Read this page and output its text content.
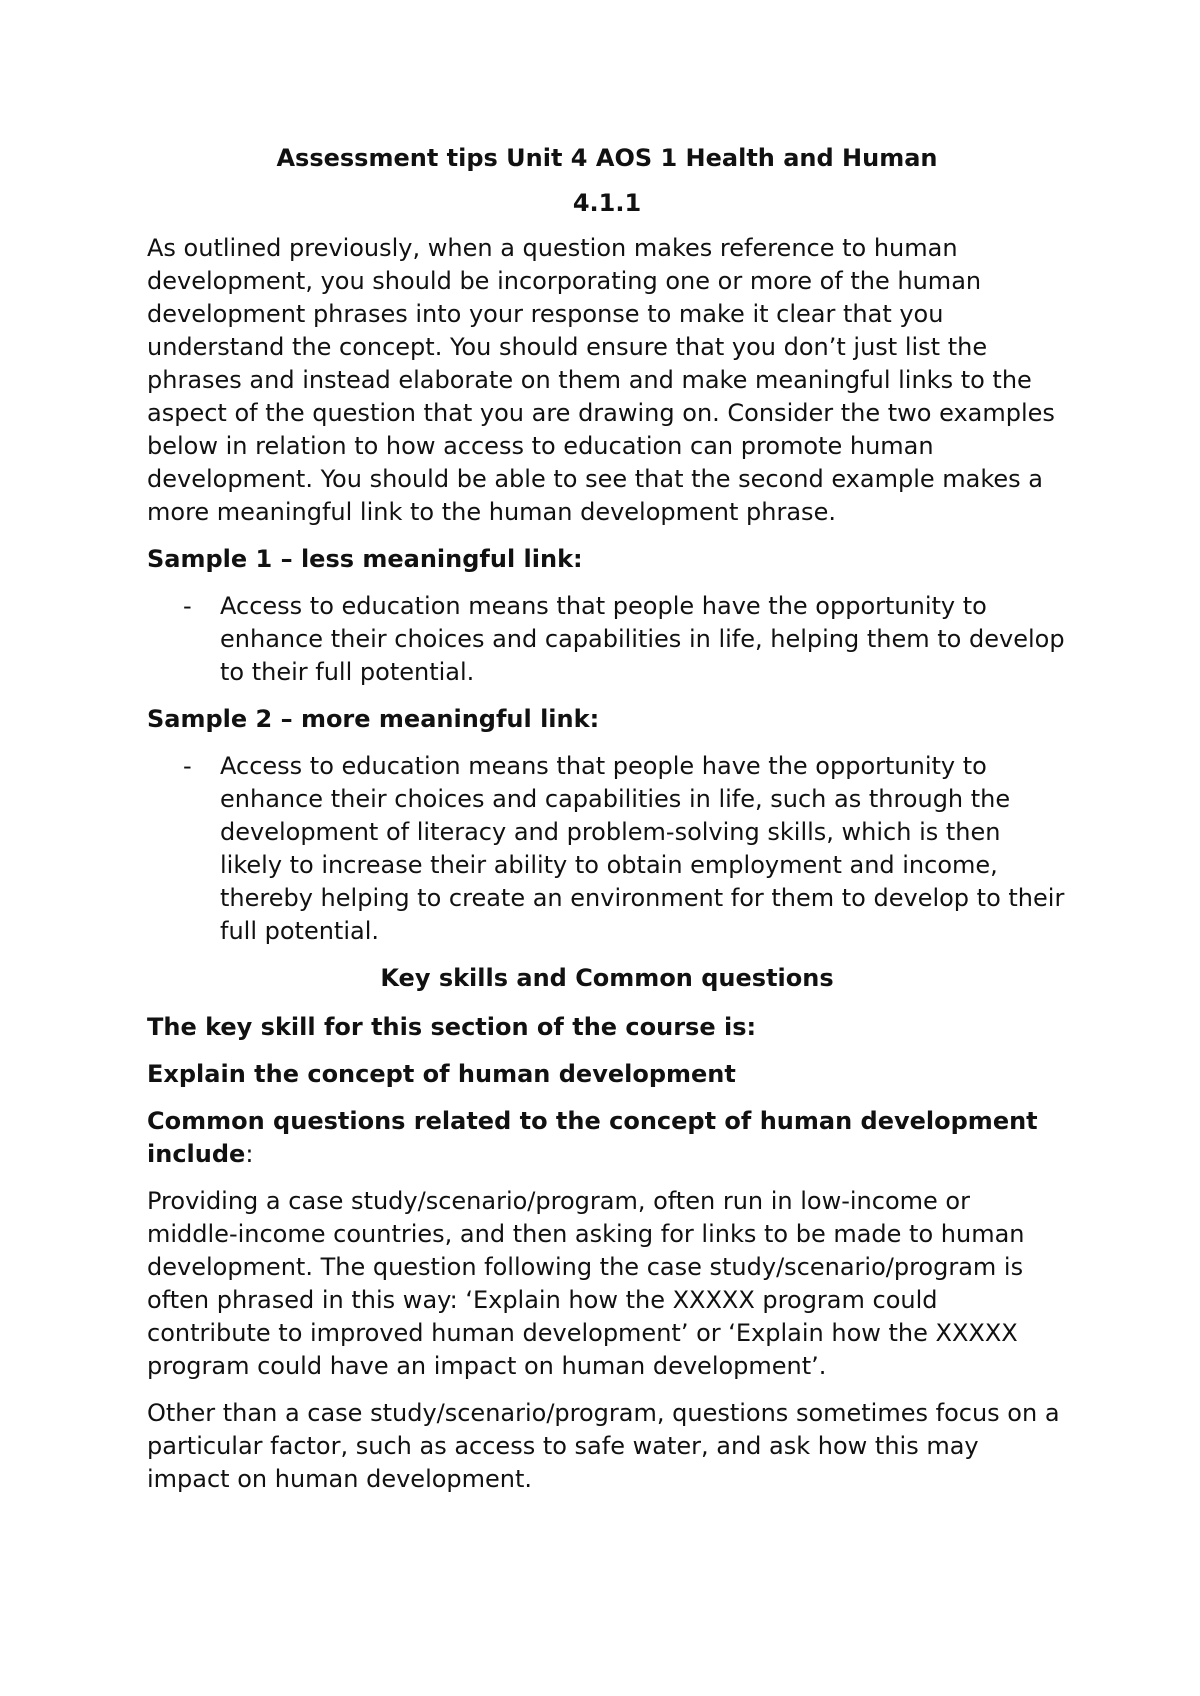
Assessment tips Unit 4 AOS 1 Health and Human
4.1.1

As outlined previously, when a question makes reference to human development, you should be incorporating one or more of the human development phrases into your response to make it clear that you understand the concept. You should ensure that you don’t just list the phrases and instead elaborate on them and make meaningful links to the aspect of the question that you are drawing on. Consider the two examples below in relation to how access to education can promote human development. You should be able to see that the second example makes a more meaningful link to the human development phrase.

Sample 1 – less meaningful link:
-	Access to education means that people have the opportunity to enhance their choices and capabilities in life, helping them to develop to their full potential.
Sample 2 – more meaningful link:
-	Access to education means that people have the opportunity to enhance their choices and capabilities in life, such as through the development of literacy and problem-solving skills, which is then likely to increase their ability to obtain employment and income, thereby helping to create an environment for them to develop to their full potential.
Key skills and Common questions
The key skill for this section of the course is:
Explain the concept of human development
Common questions related to the concept of human development include:

Providing a case study/scenario/program, often run in low-income or middle-income countries, and then asking for links to be made to human development. The question following the case study/scenario/program is often phrased in this way: ‘Explain how the XXXXX program could contribute to improved human development’ or ‘Explain how the XXXXX program could have an impact on human development’.

Other than a case study/scenario/program, questions sometimes focus on a particular factor, such as access to safe water, and ask how this may impact on human development.
